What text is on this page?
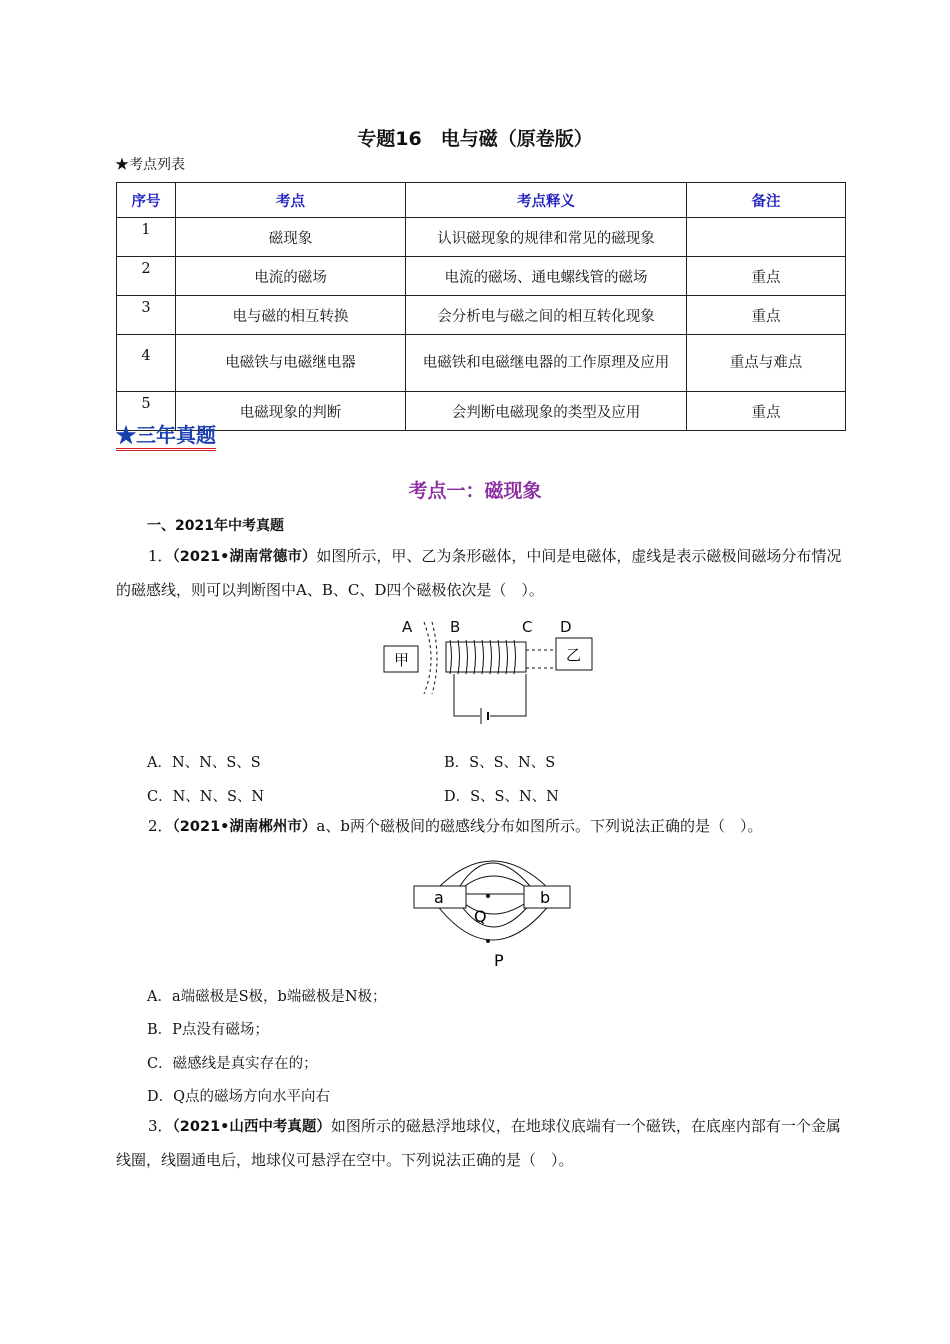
专题16　电与磁（原卷版）
★考点列表
序号	考点	考点释义	备注
1	磁现象	认识磁现象的规律和常见的磁现象	
2	电流的磁场	电流的磁场、通电螺线管的磁场	重点
3	电与磁的相互转换	会分析电与磁之间的相互转化现象	重点
4	电磁铁与电磁继电器	电磁铁和电磁继电器的工作原理及应用	重点与难点
5	电磁现象的判断	会判断电磁现象的类型及应用	重点
★三年真题
考点一：磁现象
一、2021年中考真题
1．（2021•湖南常德市）如图所示，甲、乙为条形磁体，中间是电磁体，虚线是表示磁极间磁场分布情况的磁感线，则可以判断图中A、B、C、D四个磁极依次是（　）。
A	B	C D
甲	乙
A．N、N、S、S	B．S、S、N、S
C．N、N、S、N	D．S、S、N、N
2．（2021•湖南郴州市）a、b两个磁极间的磁感线分布如图所示。下列说法正确的是（　）。
a	b
Q
P
A．a端磁极是S极，b端磁极是N极；
B．P点没有磁场；
C．磁感线是真实存在的；
D．Q点的磁场方向水平向右
3．（2021•山西中考真题）如图所示的磁悬浮地球仪，在地球仪底端有一个磁铁，在底座内部有一个金属线圈，线圈通电后，地球仪可悬浮在空中。下列说法正确的是（　）。
